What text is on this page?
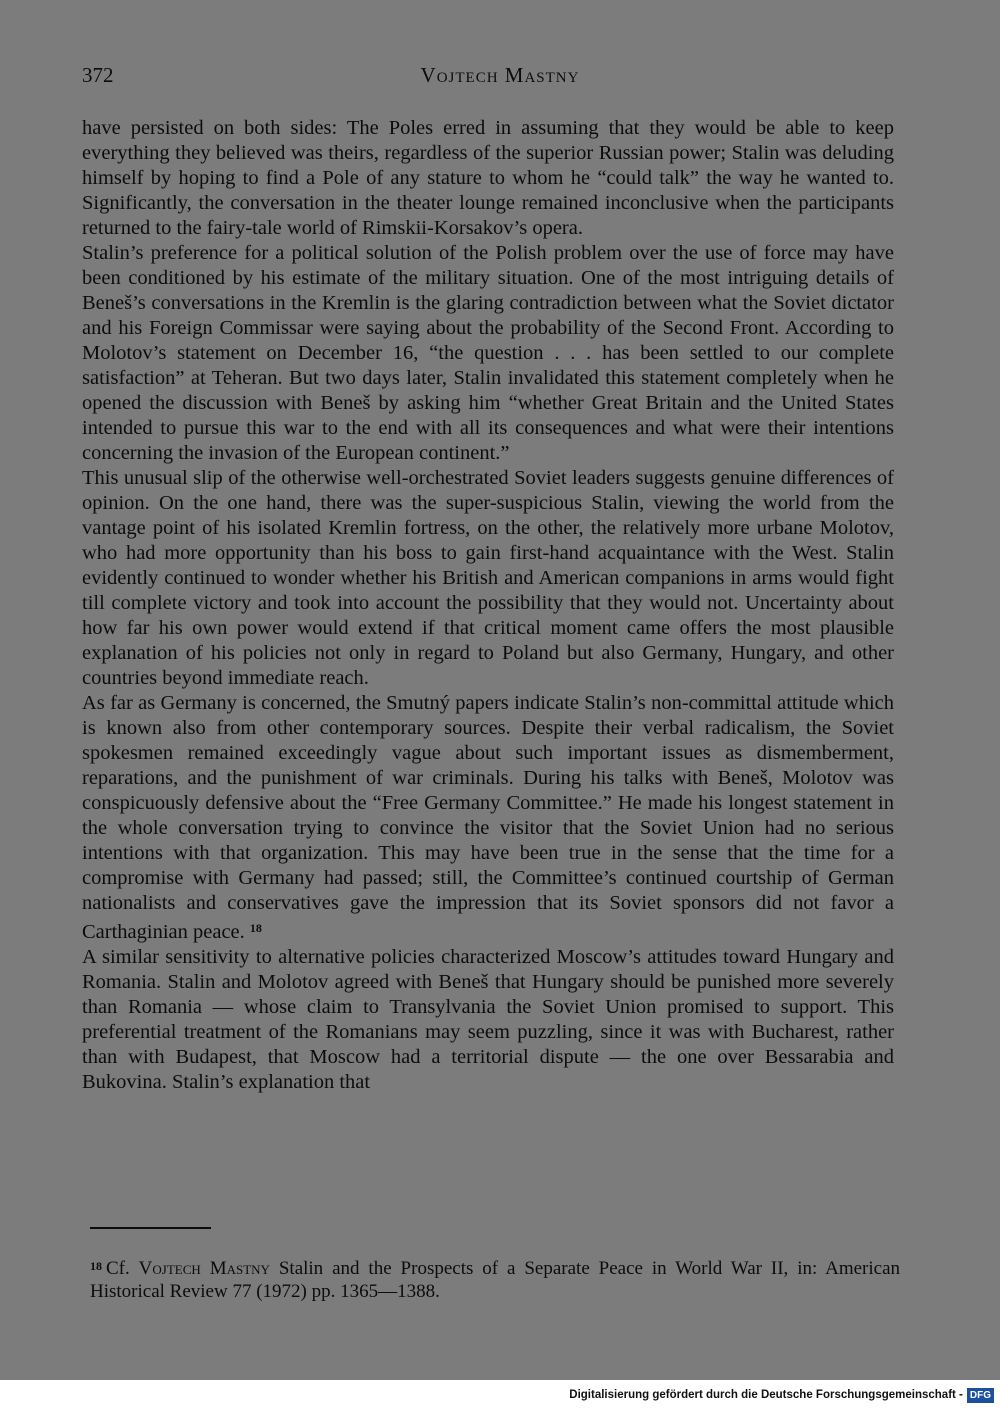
372	Vojtech Mastny

have persisted on both sides: The Poles erred in assuming that they would be able to keep everything they believed was theirs, regardless of the superior Russian power; Stalin was deluding himself by hoping to find a Pole of any stature to whom he “could talk” the way he wanted to. Significantly, the conversation in the theater lounge remained inconclusive when the participants returned to the fairy-tale world of Rimskii-Korsakov’s opera.

Stalin’s preference for a political solution of the Polish problem over the use of force may have been conditioned by his estimate of the military situation. One of the most intriguing details of Beneš’s conversations in the Kremlin is the glaring contradiction between what the Soviet dictator and his Foreign Commissar were saying about the probability of the Second Front. According to Molotov’s statement on December 16, “the question . . . has been settled to our complete satisfaction” at Teheran. But two days later, Stalin invalidated this statement completely when he opened the discussion with Beneš by asking him “whether Great Britain and the United States intended to pursue this war to the end with all its consequences and what were their intentions concerning the invasion of the European continent.”

This unusual slip of the otherwise well-orchestrated Soviet leaders suggests genuine differences of opinion. On the one hand, there was the super-suspicious Stalin, viewing the world from the vantage point of his isolated Kremlin fortress, on the other, the relatively more urbane Molotov, who had more opportunity than his boss to gain first-hand acquaintance with the West. Stalin evidently continued to wonder whether his British and American companions in arms would fight till complete victory and took into account the possibility that they would not. Uncertainty about how far his own power would extend if that critical moment came offers the most plausible explanation of his policies not only in regard to Poland but also Germany, Hungary, and other countries beyond immediate reach.

As far as Germany is concerned, the Smutný papers indicate Stalin’s non-committal attitude which is known also from other contemporary sources. Despite their verbal radicalism, the Soviet spokesmen remained exceedingly vague about such important issues as dismemberment, reparations, and the punishment of war criminals. During his talks with Beneš, Molotov was conspicuously defensive about the “Free Germany Committee.” He made his longest statement in the whole conversation trying to convince the visitor that the Soviet Union had no serious intentions with that organization. This may have been true in the sense that the time for a compromise with Germany had passed; still, the Committee’s continued courtship of German nationalists and conservatives gave the impression that its Soviet sponsors did not favor a Carthaginian peace. $^{18}$

A similar sensitivity to alternative policies characterized Moscow’s attitudes toward Hungary and Romania. Stalin and Molotov agreed with Beneš that Hungary should be punished more severely than Romania — whose claim to Transylvania the Soviet Union promised to support. This preferential treatment of the Romanians may seem puzzling, since it was with Bucharest, rather than with Budapest, that Moscow had a territorial dispute — the one over Bessarabia and Bukovina. Stalin’s explanation that

$^{18}$ Cf. Vojtech Mastny Stalin and the Prospects of a Separate Peace in World War II, in: American Historical Review 77 (1972) pp. 1365—1388.
Digitalisierung gefördert durch die Deutsche Forschungsgemeinschaft - DFG
